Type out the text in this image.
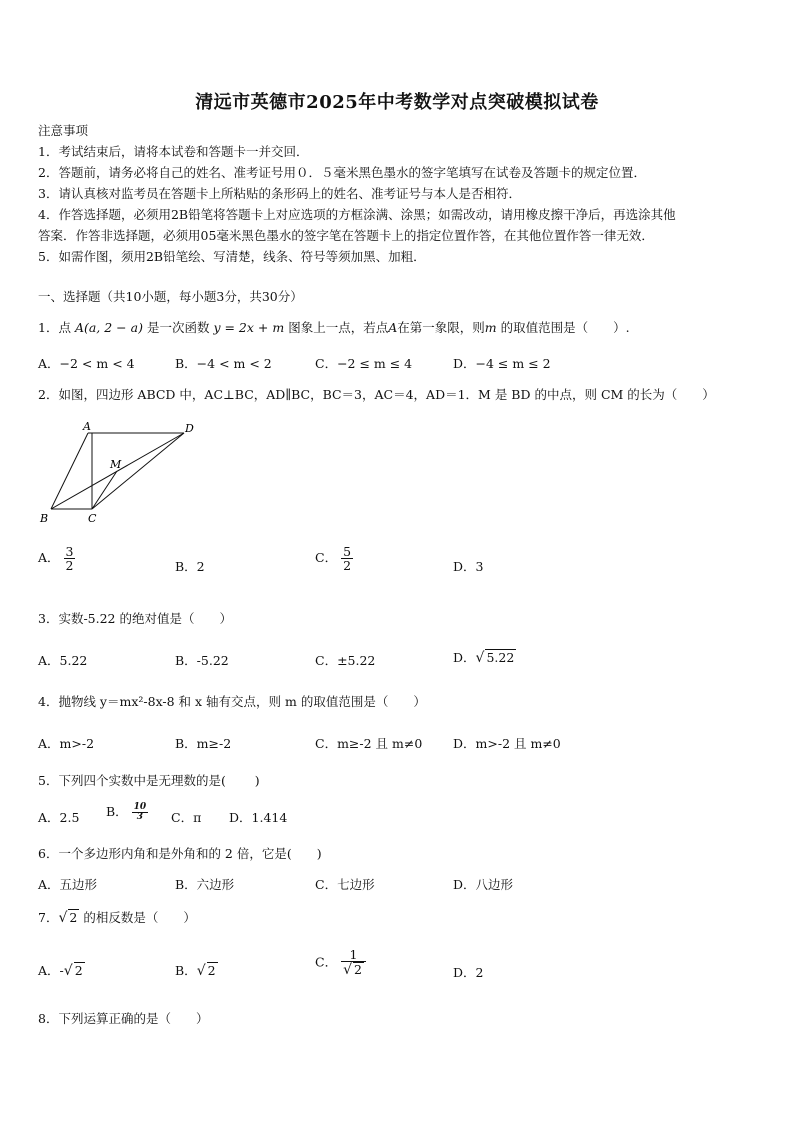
清远市英德市2025年中考数学对点突破模拟试卷
注意事项
1．考试结束后，请将本试卷和答题卡一并交回．
2．答题前，请务必将自己的姓名、准考证号用０．５毫米黑色墨水的签字笔填写在试卷及答题卡的规定位置．
3．请认真核对监考员在答题卡上所粘贴的条形码上的姓名、准考证号与本人是否相符．
4．作答选择题，必须用2B铅笔将答题卡上对应选项的方框涂满、涂黑；如需改动，请用橡皮擦干净后，再选涂其他
答案．作答非选择题，必须用05毫米黑色墨水的签字笔在答题卡上的指定位置作答，在其他位置作答一律无效．
5．如需作图，须用2B铅笔绘、写清楚，线条、符号等须加黑、加粗．
一、选择题（共10小题，每小题3分，共30分）
1．点 A(a, 2 − a) 是一次函数 y = 2x + m 图象上一点，若点A在第一象限，则m 的取值范围是（　　）.
A．−2 < m < 4	B．−4 < m < 2	C．−2 ≤ m ≤ 4	D．−4 ≤ m ≤ 2
2．如图，四边形 ABCD 中，AC⊥BC，AD∥BC，BC＝3，AC＝4，AD＝1．M 是 BD 的中点，则 CM 的长为（　　）
A	D
M
B	C
A． $\frac{3}{2}$	B．2
C． $\frac{5}{2}$	D．3
3．实数-5.22 的绝对值是（　　）
A．5.22	B．-5.22	C．±5.22	D．√ 5.22
4．抛物线 y＝mx²-8x-8 和 x 轴有交点，则 m 的取值范围是（　　）
A．m>-2	B．m≥-2	C．m≥-2 且 m≠0 D．m>-2 且 m≠0
5．下列四个实数中是无理数的是(　　 )
A．2.5 B． $\frac{10}{3}$ C．π D．1.414
6．一个多边形内角和是外角和的 2 倍，它是(　　)
A．五边形	B．六边形	C．七边形	D．八边形
7．√ 2 的相反数是（　　）
A．-√ 2	B．√ 2
C． $\frac{1}{√ 2}$	D．2
8．下列运算正确的是（　　）
